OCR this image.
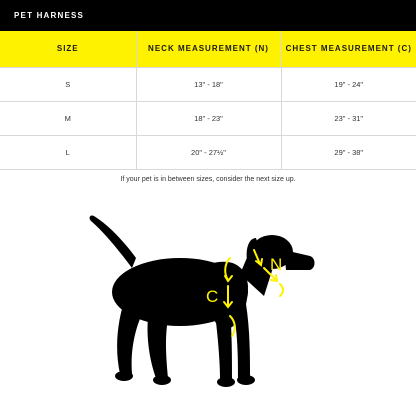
PET HARNESS
SIZE	NECK MEASUREMENT (N)	CHEST MEASUREMENT (C)
S	13" - 18"	19" - 24"
M	18" - 23"	23" - 31"
L	20" - 27½"	29" - 38"
If your pet is in between sizes, consider the next size up.
C
N
